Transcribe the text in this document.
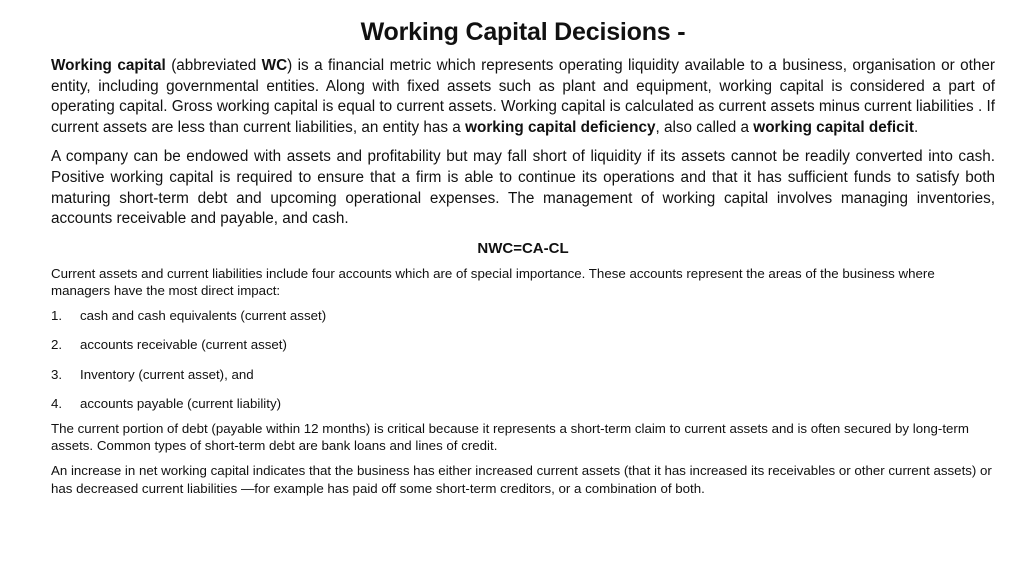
Working Capital Decisions -

Working capital (abbreviated WC) is a financial metric which represents operating liquidity available to a business, organisation or other entity, including governmental entities. Along with fixed assets such as plant and equipment, working capital is considered a part of operating capital. Gross working capital is equal to current assets. Working capital is calculated as current assets minus current liabilities . If current assets are less than current liabilities, an entity has a working capital deficiency, also called a working capital deficit.

A company can be endowed with assets and profitability but may fall short of liquidity if its assets cannot be readily converted into cash. Positive working capital is required to ensure that a firm is able to continue its operations and that it has sufficient funds to satisfy both maturing short-term debt and upcoming operational expenses. The management of working capital involves managing inventories, accounts receivable and payable, and cash.

NWC=CA-CL

Current assets and current liabilities include four accounts which are of special importance. These accounts represent the areas of the business where managers have the most direct impact:

1.	cash and cash equivalents (current asset)
2.	accounts receivable (current asset)
3.	Inventory (current asset), and
4.	accounts payable (current liability)

The current portion of debt (payable within 12 months) is critical because it represents a short-term claim to current assets and is often secured by long-term assets. Common types of short-term debt are bank loans and lines of credit.

An increase in net working capital indicates that the business has either increased current assets (that it has increased its receivables or other current assets) or has decreased current liabilities —for example has paid off some short-term creditors, or a combination of both.
